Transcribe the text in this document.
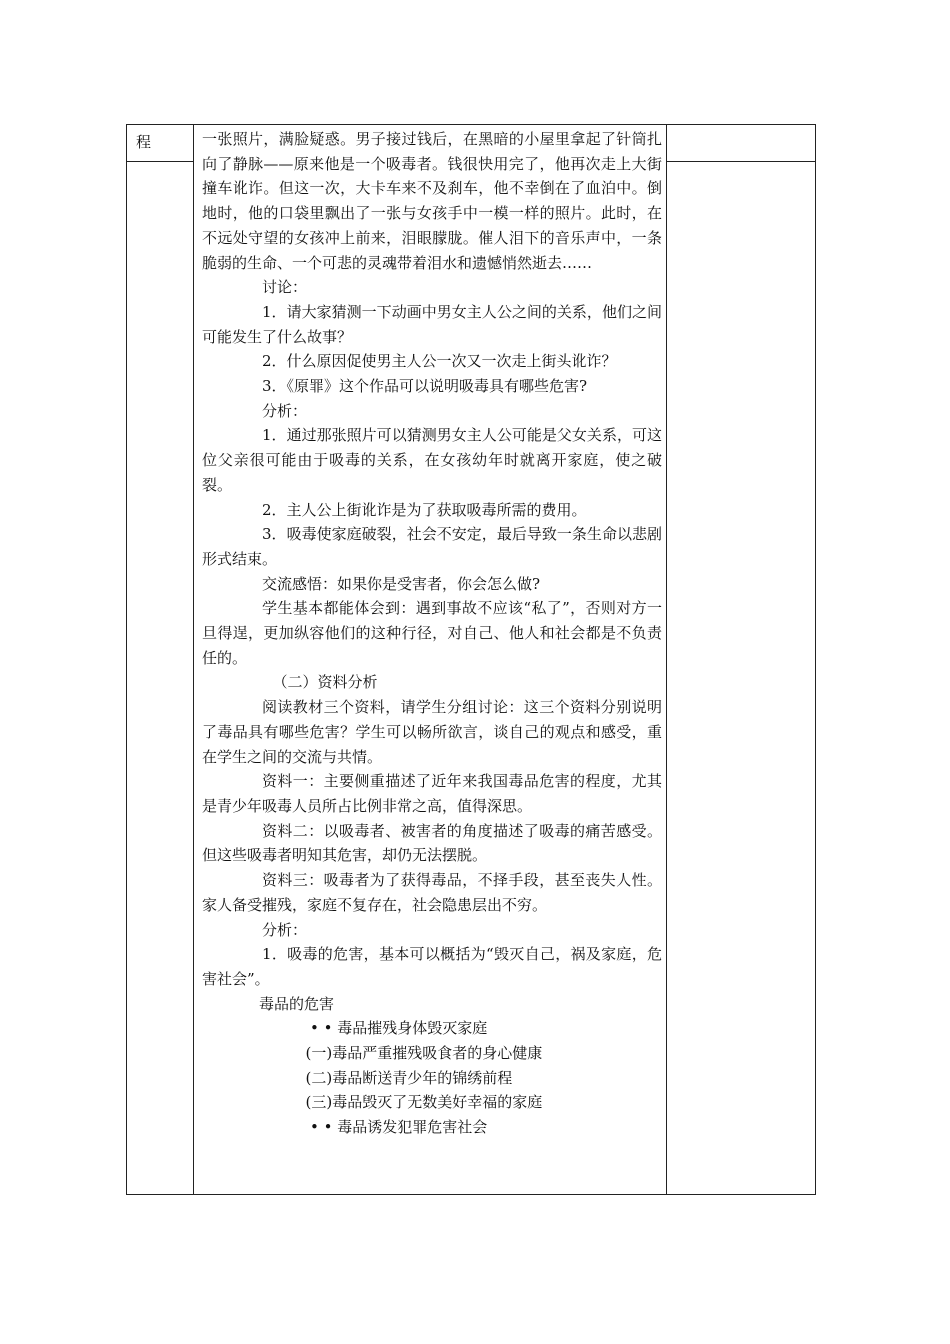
程	一张照片，满脸疑惑。男子接过钱后，在黑暗的小屋里拿起了针筒扎向了静脉——原来他是一个吸毒者。钱很快用完了，他再次走上大街撞车讹诈。但这一次，大卡车来不及刹车，他不幸倒在了血泊中。倒地时，他的口袋里飘出了一张与女孩手中一模一样的照片。此时，在不远处守望的女孩冲上前来，泪眼朦胧。催人泪下的音乐声中，一条脆弱的生命、一个可悲的灵魂带着泪水和遗憾悄然逝去……

讨论：

1．请大家猜测一下动画中男女主人公之间的关系，他们之间可能发生了什么故事？

2．什么原因促使男主人公一次又一次走上街头讹诈？

3．《原罪》这个作品可以说明吸毒具有哪些危害?

分析：

1．通过那张照片可以猜测男女主人公可能是父女关系，可这位父亲很可能由于吸毒的关系，在女孩幼年时就离开家庭，使之破裂。

2．主人公上街讹诈是为了获取吸毒所需的费用。

3．吸毒使家庭破裂，社会不安定，最后导致一条生命以悲剧形式结束。

交流感悟：如果你是受害者，你会怎么做?

学生基本都能体会到：遇到事故不应该“私了”，否则对方一旦得逞，更加纵容他们的这种行径，对自己、他人和社会都是不负责任的。

（二）资料分析

阅读教材三个资料，请学生分组讨论：这三个资料分别说明了毒品具有哪些危害？学生可以畅所欲言，谈自己的观点和感受，重在学生之间的交流与共情。

资料一：主要侧重描述了近年来我国毒品危害的程度，尤其是青少年吸毒人员所占比例非常之高，值得深思。

资料二：以吸毒者、被害者的角度描述了吸毒的痛苦感受。但这些吸毒者明知其危害，却仍无法摆脱。

资料三：吸毒者为了获得毒品，不择手段，甚至丧失人性。家人备受摧残，家庭不复存在，社会隐患层出不穷。

分析：

1．吸毒的危害，基本可以概括为“毁灭自己，祸及家庭，危害社会”。

毒品的危害

• • 毒品摧残身体毁灭家庭

(一)毒品严重摧残吸食者的身心健康

(二)毒品断送青少年的锦绣前程

(三)毒品毁灭了无数美好幸福的家庭

• • 毒品诱发犯罪危害社会
